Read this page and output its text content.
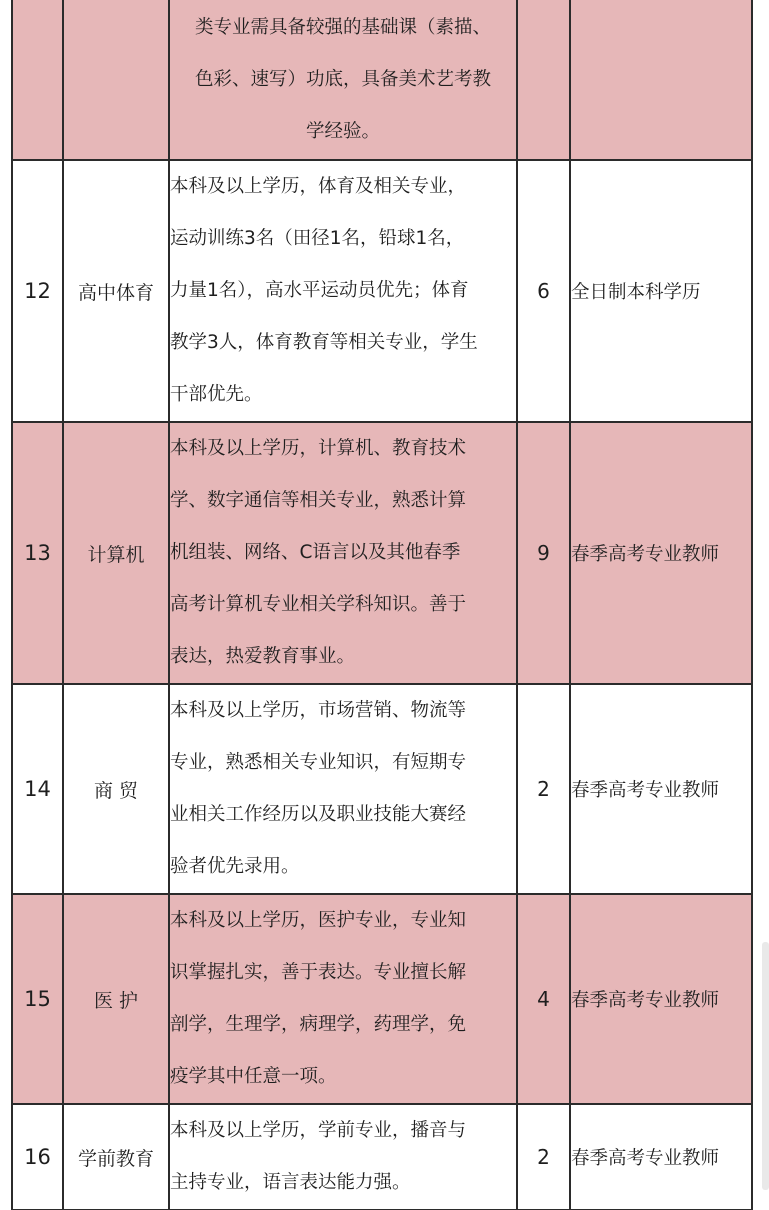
		类专业需具备较强的基础课（素描、
色彩、速写）功底，具备美术艺考教
学经验。		
12	高中体育	本科及以上学历，体育及相关专业，
运动训练3名（田径1名，铅球1名，
力量1名），高水平运动员优先；体育
教学3人，体育教育等相关专业，学生
干部优先。	6	全日制本科学历
13	计算机	本科及以上学历，计算机、教育技术
学、数字通信等相关专业，熟悉计算
机组装、网络、C语言以及其他春季
高考计算机专业相关学科知识。善于
表达，热爱教育事业。	9	春季高考专业教师
14	商 贸	本科及以上学历，市场营销、物流等
专业，熟悉相关专业知识，有短期专
业相关工作经历以及职业技能大赛经
验者优先录用。	2	春季高考专业教师
15	医 护	本科及以上学历，医护专业，专业知
识掌握扎实，善于表达。专业擅长解
剖学，生理学，病理学，药理学，免
疫学其中任意一项。	4	春季高考专业教师
16	学前教育	本科及以上学历，学前专业，播音与
主持专业，语言表达能力强。	2	春季高考专业教师
